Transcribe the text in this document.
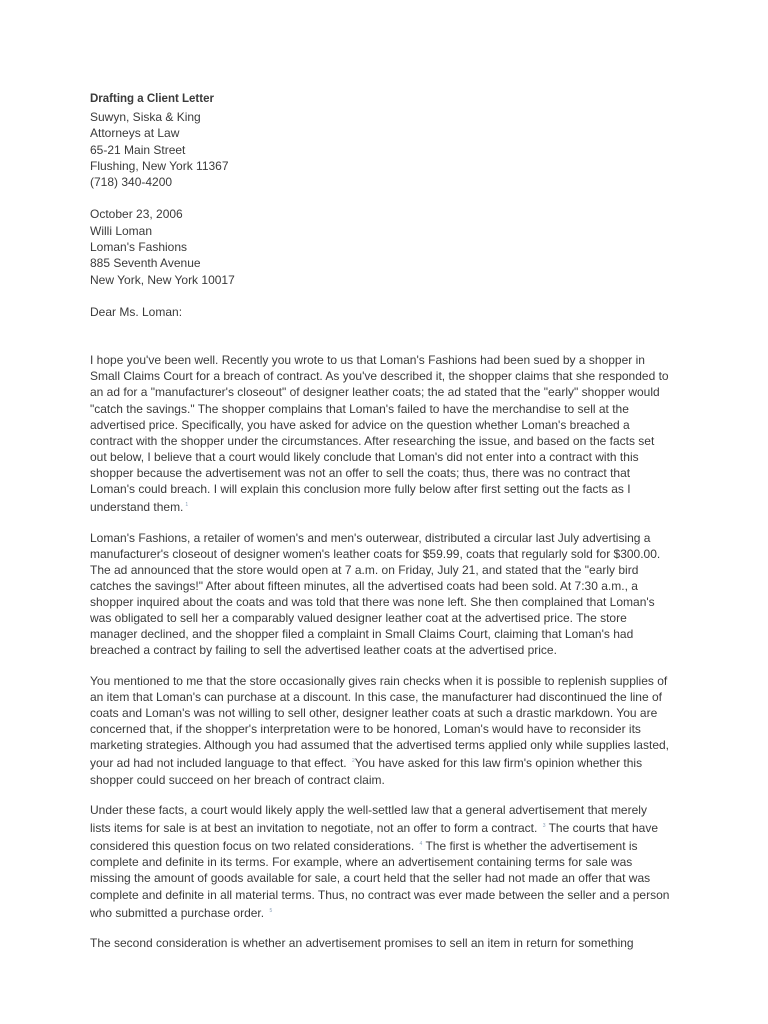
Drafting a Client Letter
Suwyn, Siska & King
Attorneys at Law
65-21 Main Street
Flushing, New York 11367
(718) 340-4200
October 23, 2006
Willi Loman
Loman's Fashions
885 Seventh Avenue
New York, New York 10017
Dear Ms. Loman:

I hope you've been well. Recently you wrote to us that Loman's Fashions had been sued by a shopper in Small Claims Court for a breach of contract. As you've described it, the shopper claims that she responded to an ad for a "manufacturer's closeout" of designer leather coats; the ad stated that the "early" shopper would "catch the savings." The shopper complains that Loman's failed to have the merchandise to sell at the advertised price. Specifically, you have asked for advice on the question whether Loman's breached a contract with the shopper under the circumstances. After researching the issue, and based on the facts set out below, I believe that a court would likely conclude that Loman's did not enter into a contract with this shopper because the advertisement was not an offer to sell the coats; thus, there was no contract that Loman's could breach. I will explain this conclusion more fully below after first setting out the facts as I understand them. $^1$

Loman's Fashions, a retailer of women's and men's outerwear, distributed a circular last July advertising a manufacturer's closeout of designer women's leather coats for $59.99, coats that regularly sold for $300.00. The ad announced that the store would open at 7 a.m. on Friday, July 21, and stated that the "early bird catches the savings!" After about fifteen minutes, all the advertised coats had been sold. At 7:30 a.m., a shopper inquired about the coats and was told that there was none left. She then complained that Loman's was obligated to sell her a comparably valued designer leather coat at the advertised price. The store manager declined, and the shopper filed a complaint in Small Claims Court, claiming that Loman's had breached a contract by failing to sell the advertised leather coats at the advertised price.

You mentioned to me that the store occasionally gives rain checks when it is possible to replenish supplies of an item that Loman's can purchase at a discount. In this case, the manufacturer had discontinued the line of coats and Loman's was not willing to sell other, designer leather coats at such a drastic markdown. You are concerned that, if the shopper's interpretation were to be honored, Loman's would have to reconsider its marketing strategies. Although you had assumed that the advertised terms applied only while supplies lasted, your ad had not included language to that effect. $^2$You have asked for this law firm's opinion whether this shopper could succeed on her breach of contract claim.

Under these facts, a court would likely apply the well-settled law that a general advertisement that merely lists items for sale is at best an invitation to negotiate, not an offer to form a contract. $^3$ The courts that have considered this question focus on two related considerations. $^4$ The first is whether the advertisement is complete and definite in its terms. For example, where an advertisement containing terms for sale was missing the amount of goods available for sale, a court held that the seller had not made an offer that was complete and definite in all material terms. Thus, no contract was ever made between the seller and a person who submitted a purchase order. $^5$

The second consideration is whether an advertisement promises to sell an item in return for something
